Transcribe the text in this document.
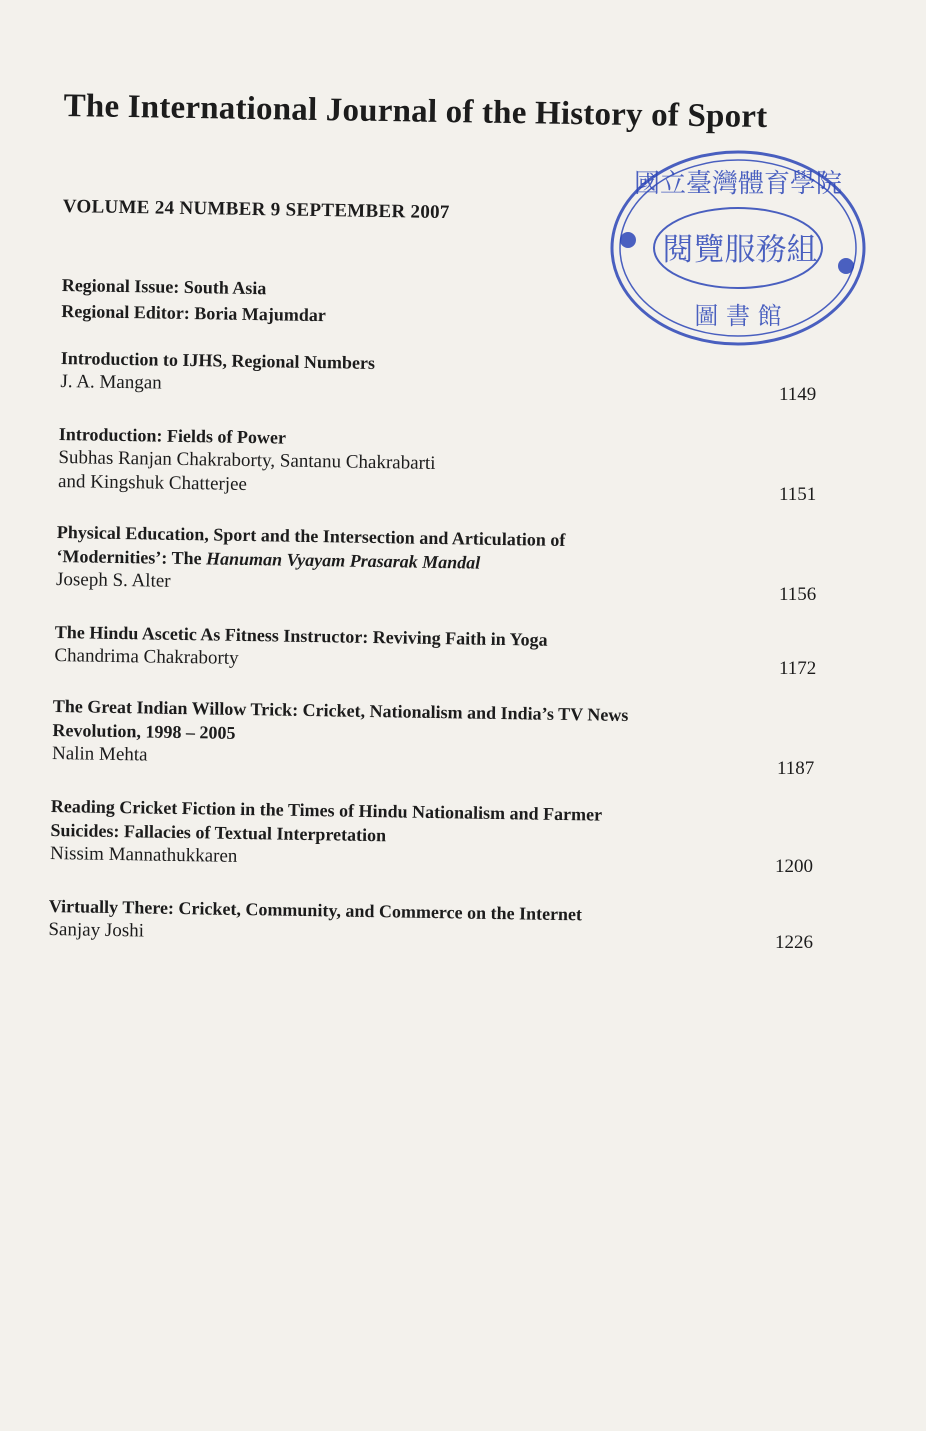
The International Journal of the History of Sport
VOLUME 24 NUMBER 9 SEPTEMBER 2007
Regional Issue: South Asia
Regional Editor: Boria Majumdar
國立臺灣體育學院
閱覽服務組
圖 書 館
Introduction to IJHS, Regional Numbers
J. A. Mangan
1149
Introduction: Fields of Power
Subhas Ranjan Chakraborty, Santanu Chakrabarti
and Kingshuk Chatterjee	1151
Physical Education, Sport and the Intersection and Articulation of
‘Modernities’: The Hanuman Vyayam Prasarak Mandal
Joseph S. Alter
1156
The Hindu Ascetic As Fitness Instructor: Reviving Faith in Yoga
Chandrima Chakraborty	1172
The Great Indian Willow Trick: Cricket, Nationalism and India’s TV News
Revolution, 1998 – 2005
Nalin Mehta
1187
Reading Cricket Fiction in the Times of Hindu Nationalism and Farmer
Suicides: Fallacies of Textual Interpretation
Nissim Mannathukkaren	1200
Virtually There: Cricket, Community, and Commerce on the Internet
Sanjay Joshi
1226
